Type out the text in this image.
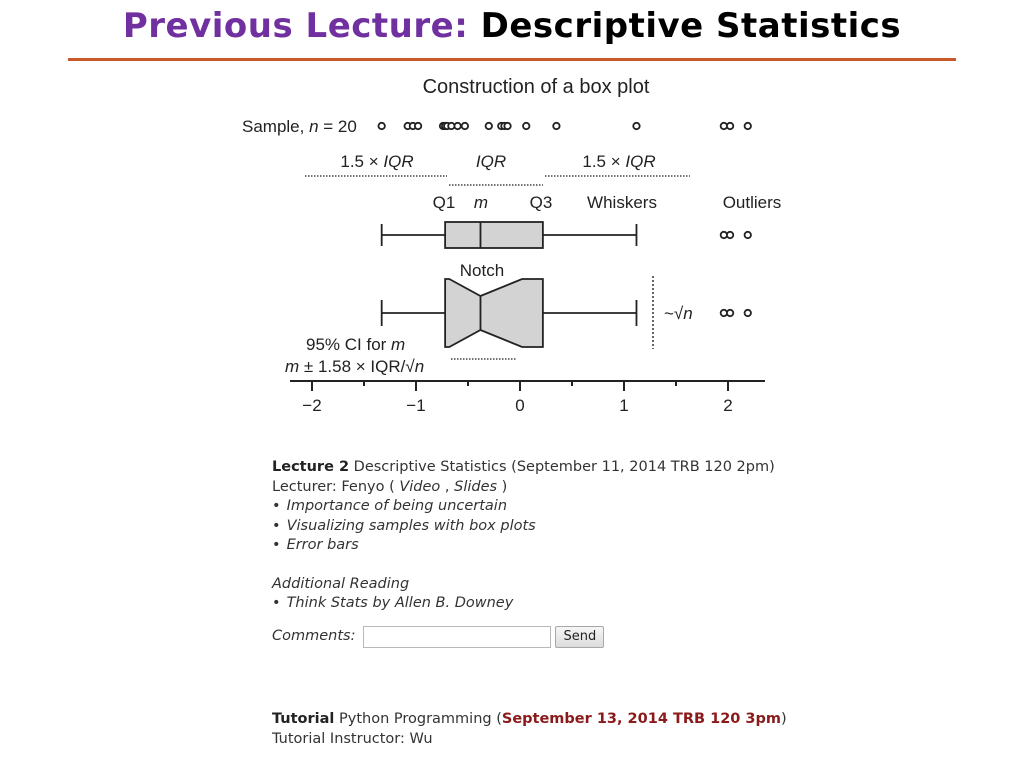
Previous Lecture: Descriptive Statistics
Construction of a box plot
Sample, n = 20
1.5 × IQR	IQR	1.5 × IQR
Q1 m Q3 Whiskers	Outliers
Notch
~√n
95% CI for m
m ± 1.58 × IQR/√n
−2	−1	0	1	2
Lecture 2 Descriptive Statistics (September 11, 2014 TRB 120 2pm)
Lecturer: Fenyo ( Video , Slides )
• Importance of being uncertain
• Visualizing samples with box plots
• Error bars
Additional Reading
• Think Stats by Allen B. Downey
Comments:	Send
Tutorial Python Programming (September 13, 2014 TRB 120 3pm)
Tutorial Instructor: Wu
